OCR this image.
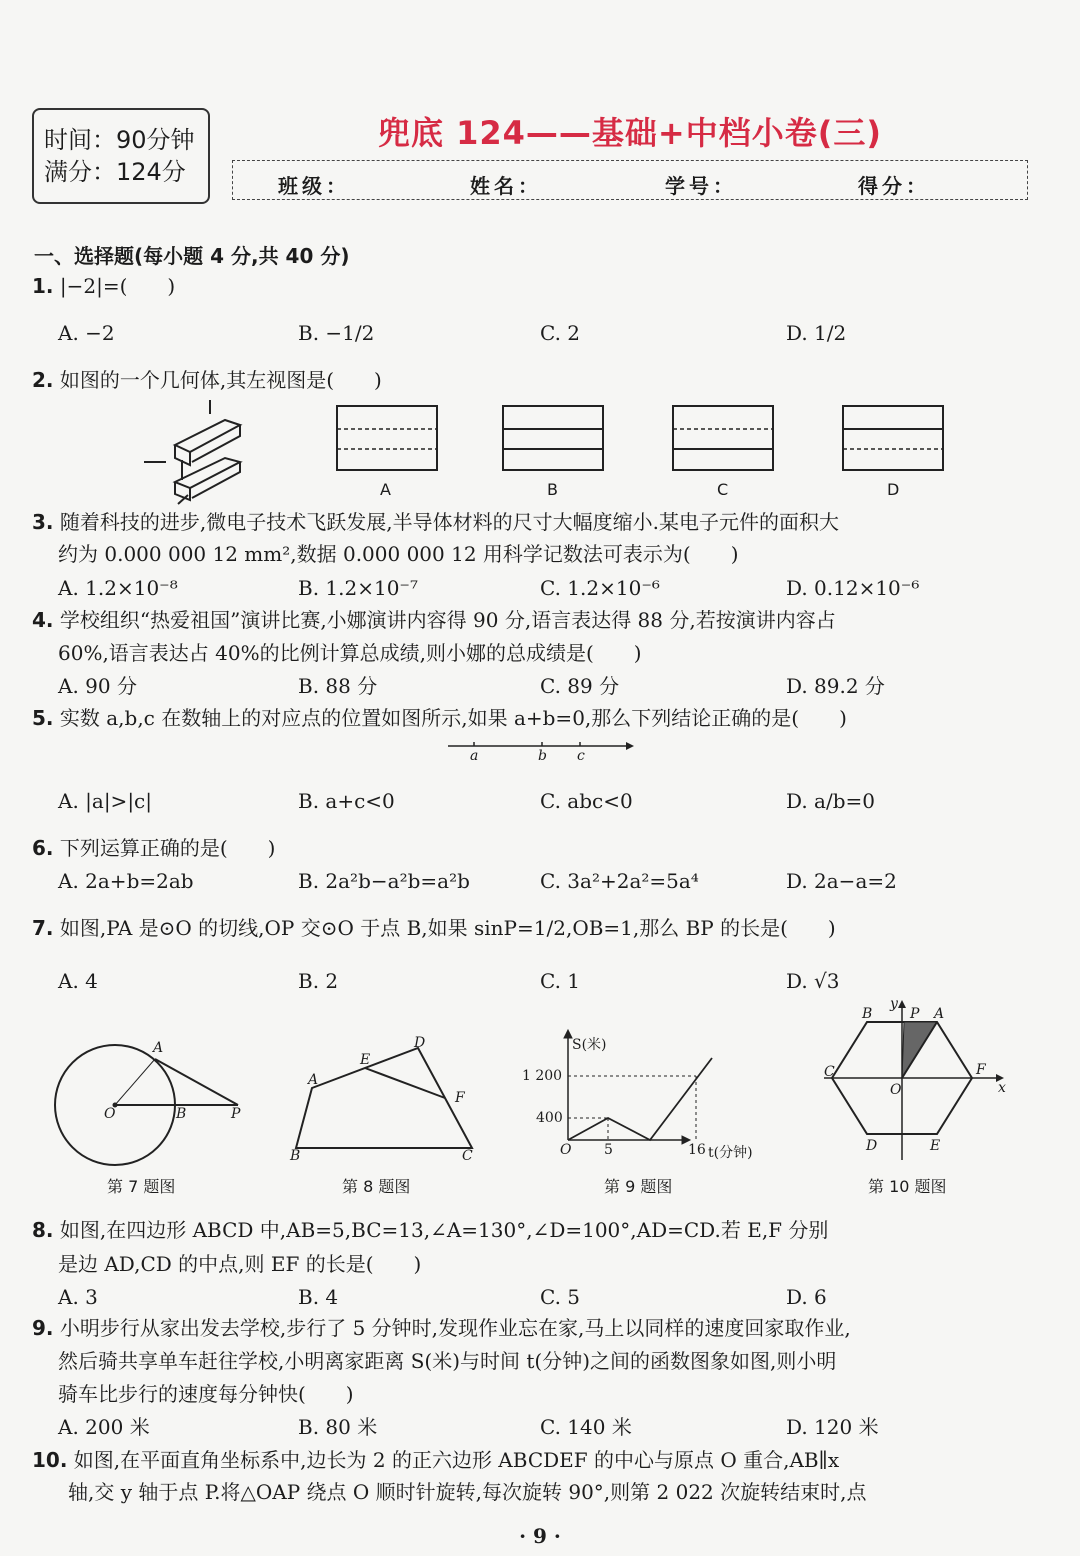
时间：90分钟
满分：124分
兜底 124——基础+中档小卷(三)
班级：	姓名：	学号：	得分：
一、选择题(每小题 4 分,共 40 分)
1. |−2|=(　　)
A. −2	B. −1/2	C. 2	D. 1/2
2. 如图的一个几何体,其左视图是(　　)
A	B	C	D
3. 随着科技的进步,微电子技术飞跃发展,半导体材料的尺寸大幅度缩小.某电子元件的面积大
约为 0.000 000 12 mm²,数据 0.000 000 12 用科学记数法可表示为(　　)
A. 1.2×10⁻⁸	B. 1.2×10⁻⁷	C. 1.2×10⁻⁶	D. 0.12×10⁻⁶
4. 学校组织“热爱祖国”演讲比赛,小娜演讲内容得 90 分,语言表达得 88 分,若按演讲内容占
60%,语言表达占 40%的比例计算总成绩,则小娜的总成绩是(　　)
A. 90 分	B. 88 分	C. 89 分	D. 89.2 分
5. 实数 a,b,c 在数轴上的对应点的位置如图所示,如果 a+b=0,那么下列结论正确的是(　　)
a	b c
A. |a|>|c|	B. a+c<0	C. abc<0	D. a/b=0
6. 下列运算正确的是(　　)
A. 2a+b=2ab	B. 2a²b−a²b=a²b	C. 3a²+2a²=5a⁴	D. 2a−a=2
7. 如图,PA 是⊙O 的切线,OP 交⊙O 于点 B,如果 sinP=1/2,OB=1,那么 BP 的长是(　　)
A. 4	B. 2	C. 1	D. √3
A
O	B	P
第 7 题图
A
E
D
F
B	C
第 8 题图
S(米)
1 200
400
O 5	16 t(分钟)
第 9 题图
B
y
P A
C
O
F
x
D	E
第 10 题图
8. 如图,在四边形 ABCD 中,AB=5,BC=13,∠A=130°,∠D=100°,AD=CD.若 E,F 分别
是边 AD,CD 的中点,则 EF 的长是(　　)
A. 3	B. 4	C. 5	D. 6
9. 小明步行从家出发去学校,步行了 5 分钟时,发现作业忘在家,马上以同样的速度回家取作业,
然后骑共享单车赶往学校,小明离家距离 S(米)与时间 t(分钟)之间的函数图象如图,则小明
骑车比步行的速度每分钟快(　　)
A. 200 米	B. 80 米	C. 140 米	D. 120 米
10. 如图,在平面直角坐标系中,边长为 2 的正六边形 ABCDEF 的中心与原点 O 重合,AB∥x
轴,交 y 轴于点 P.将△OAP 绕点 O 顺时针旋转,每次旋转 90°,则第 2 022 次旋转结束时,点
· 9 ·
